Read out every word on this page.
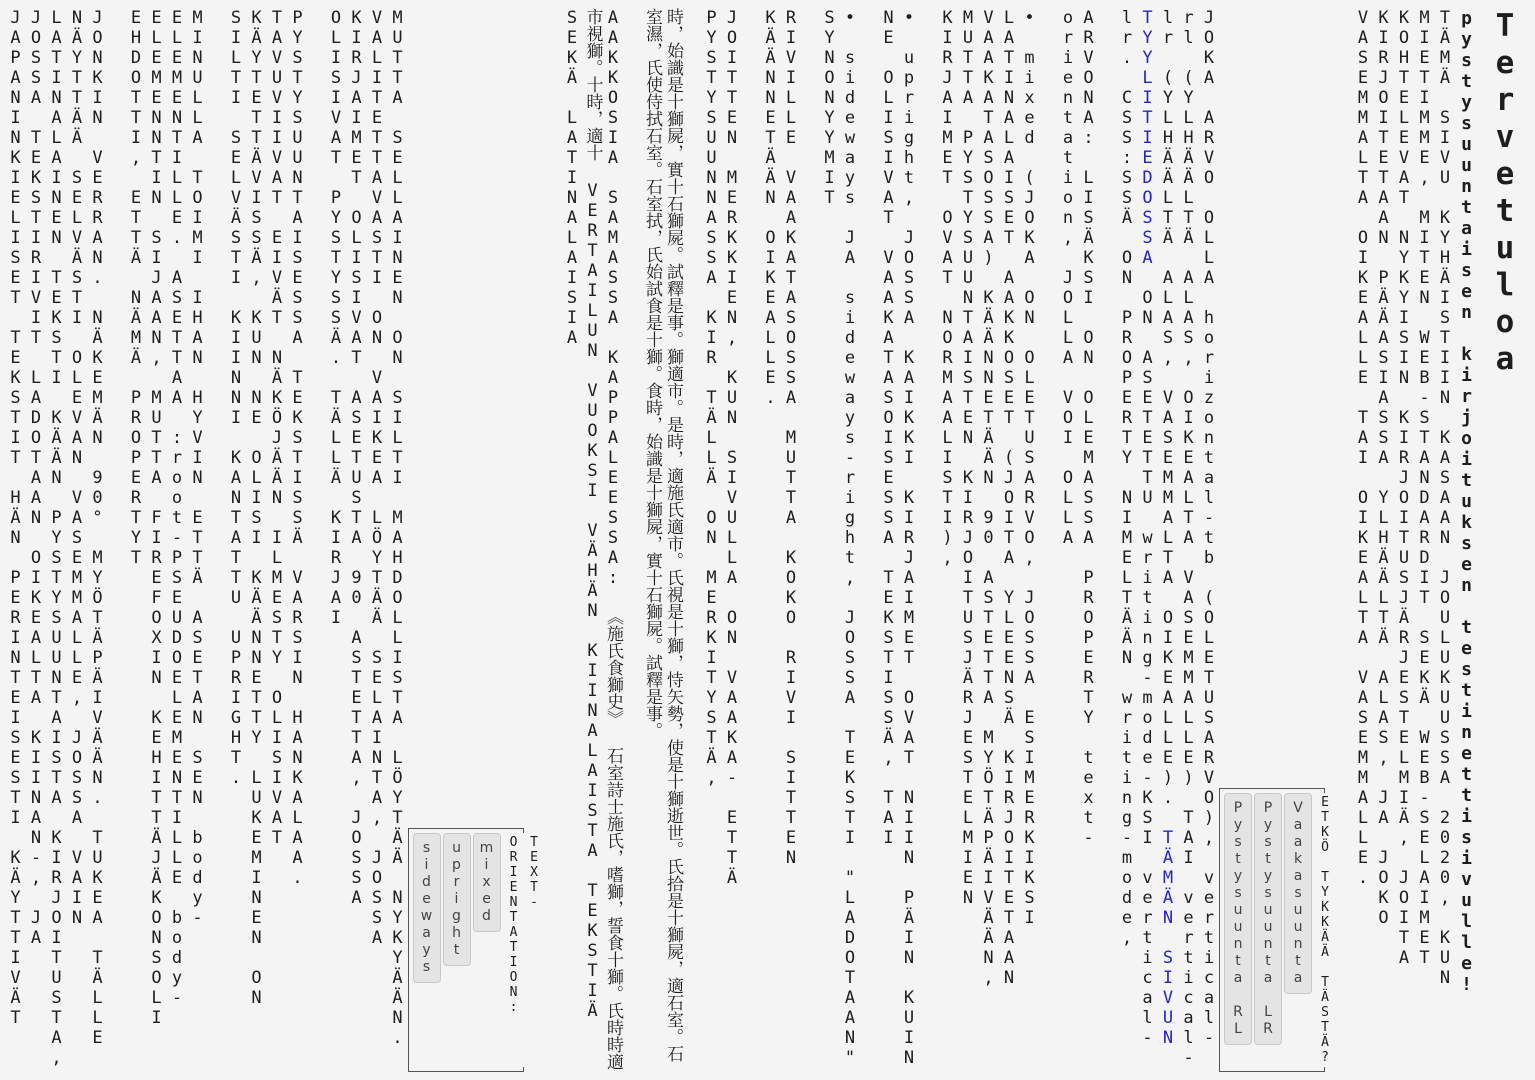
Tervetuloa
pystysuuntaisen kirjoituksen testinettisivulle!

TÄMÄ SIVU KYHÄISTIIN KASAAN JOULUKUUSSA 2020, KUN MIETIMME, MITEN WEB-STANDARDIT SEKÄ WEB-SELAIMET KOHTELEVAT NYKYISIN KIRJOITUSJÄRJESTELMIÄ, JOITA KIRJOITETAAN PÄÄASIASSA YLHÄÄLTÄ ALAS, JA JOKO VASEMMALTA OIKEALLE TAI OIKEALTA VASEMMALLE.

ETKÖ TYKKÄÄ TÄSTÄ?
Vaakasuunta Pystysuunta LR Pystysuunta RL

JOKA ARVO OLLA horizontal-tb (OLETUSARVO), vertical-rl (YLHÄÄLTÄ ALAS, OIKEALTA VASEMMALLE) TAI vertical-lr (YLHÄÄLTÄ ALAS, VASEMMALTA OIKEALLE). TÄMÄN SIVUN TYYLITIEDOSSA ON ASETETTU writing-mode-KSI vertical-lr. CSS:SSÄ ON PROPERTY NIMELTÄÄN writing-mode,

ARVONA: LISÄKSI ON OLEMASSA PROPERTY text-orientation, JOLLA VOI OLLA

• mixed (JOKA ON OLETUSARVO, JOSSA ESIMERKIKSI LATINALAISET AAKKOSET (JOITA YLEENSÄ KIRJOITETAAN VAAKATASOSSA) KÄÄNNETÄÄN 90 ASTETTA MYÖTÄPÄIVÄÄN, MUTTA PYSTYSUUNTAISTEN KIRJOITUSJÄRJESTELMIEN KIRJAIMET OVAT NORMAALISTI),

• upright, JOSSA KAIKKI KIRJAIMET OVAT NIIN PÄIN KUIN NE OLISIVAT VAAKATASOISESSA TEKSTISSÄ, TAI

• sideways JA sideways-right, JOSSA TEKSTI "LADOTAAN" SYNONYYMIT

RIVILLE VAAKATASOSSA MUTTA KOKO RIVI SITTEN KÄÄNNETÄÄN OIKEALLE.

JOITTEN MERKKIEN, KUN SIVULLA ON VAAKA- ETTÄ PYSTYSUUNNASSA KIR TÄLLÄ ON MERKITYSTÄ,

時，始識是十獅屍，實十石獅屍。試釋是事。獅適市。是時，適施氏適市。氏視是十獅，恃矢勢，使是十獅逝世。氏拾是十獅屍，適石室。石室濕，氏使侍拭石室。石室拭，氏始試食是十獅。食時，始識是十獅屍，實十石獅屍。試釋是事。

AAKKOSIA SAMASSA KAPPALEESSA: 《施氏食獅史》 石室詩士施氏，嗜獅，誓食十獅。氏時時適市視獅。十時，適十 VERTAILUN VUOKSI VÄHÄN KIINALAISTA TEKSTIÄ SEKÄ LATINALAISIA

TEXT-ORIENTATION:
mixed upright sideways

MUTTA SELLAINEN ON SILTI MAHDOLLISTA LÖYTÄÄ NYKYÄÄN. VALITETTAVASTI ON VAIKEA LÖYTÄÄ SELAINTA, JOSSA KIRJAIMET OLISIVAT ASETUSTA 90 ASTETTA, JOSSA OLISIVAT PYSTYSSÄ. TÄLLÄ KIRJAI

PYSTYSUUNTAISESSA TEKSTISSÄ VARSIN HANKALAA. TAVUVIIVAT EIVÄT NÄKÖJÄÄN ILMESTY OLISIVAT KÄYTETTÄVISSÄ, KUN NE OLISI KÄÄNNETTY LUKEMINEN ON SILTI SELVÄSTI KIINNI KANTATTU UPRIGHT.

MINULLA TOIMI IHAN HYVIN ETTÄ ASETAN SEN body-ELEMENTILLE. ASETTAA :root-PSEUDOELEMENTILLE body-ELEMENNTIN SIJAAN, MUTTA FIREFOXIN KEHITTÄJÄKONSOLI EHDOTTI, ETTÄ NÄMÄ PROPERTYT

JONKIN VERRAN. NÄKEMÄN 90° MYÖTÄPÄIVÄÄN. TUKEA TÄLLE NÄYTTÄÄ SELVÄSTI OLEVAN VASEMMALLE, JOSSA VAIN LATINALAINEN TEKSTI KÄÄN PYSTYSUUNTAISTA KIRJOITUSTA, JOSSA TEKSTIRIVIT LADOTAAN OIKEALTA KIINAN-, JA JAPANINKIELISET TEKSTIT HÄN PERINTEISESTI KÄYTTIVÄT
